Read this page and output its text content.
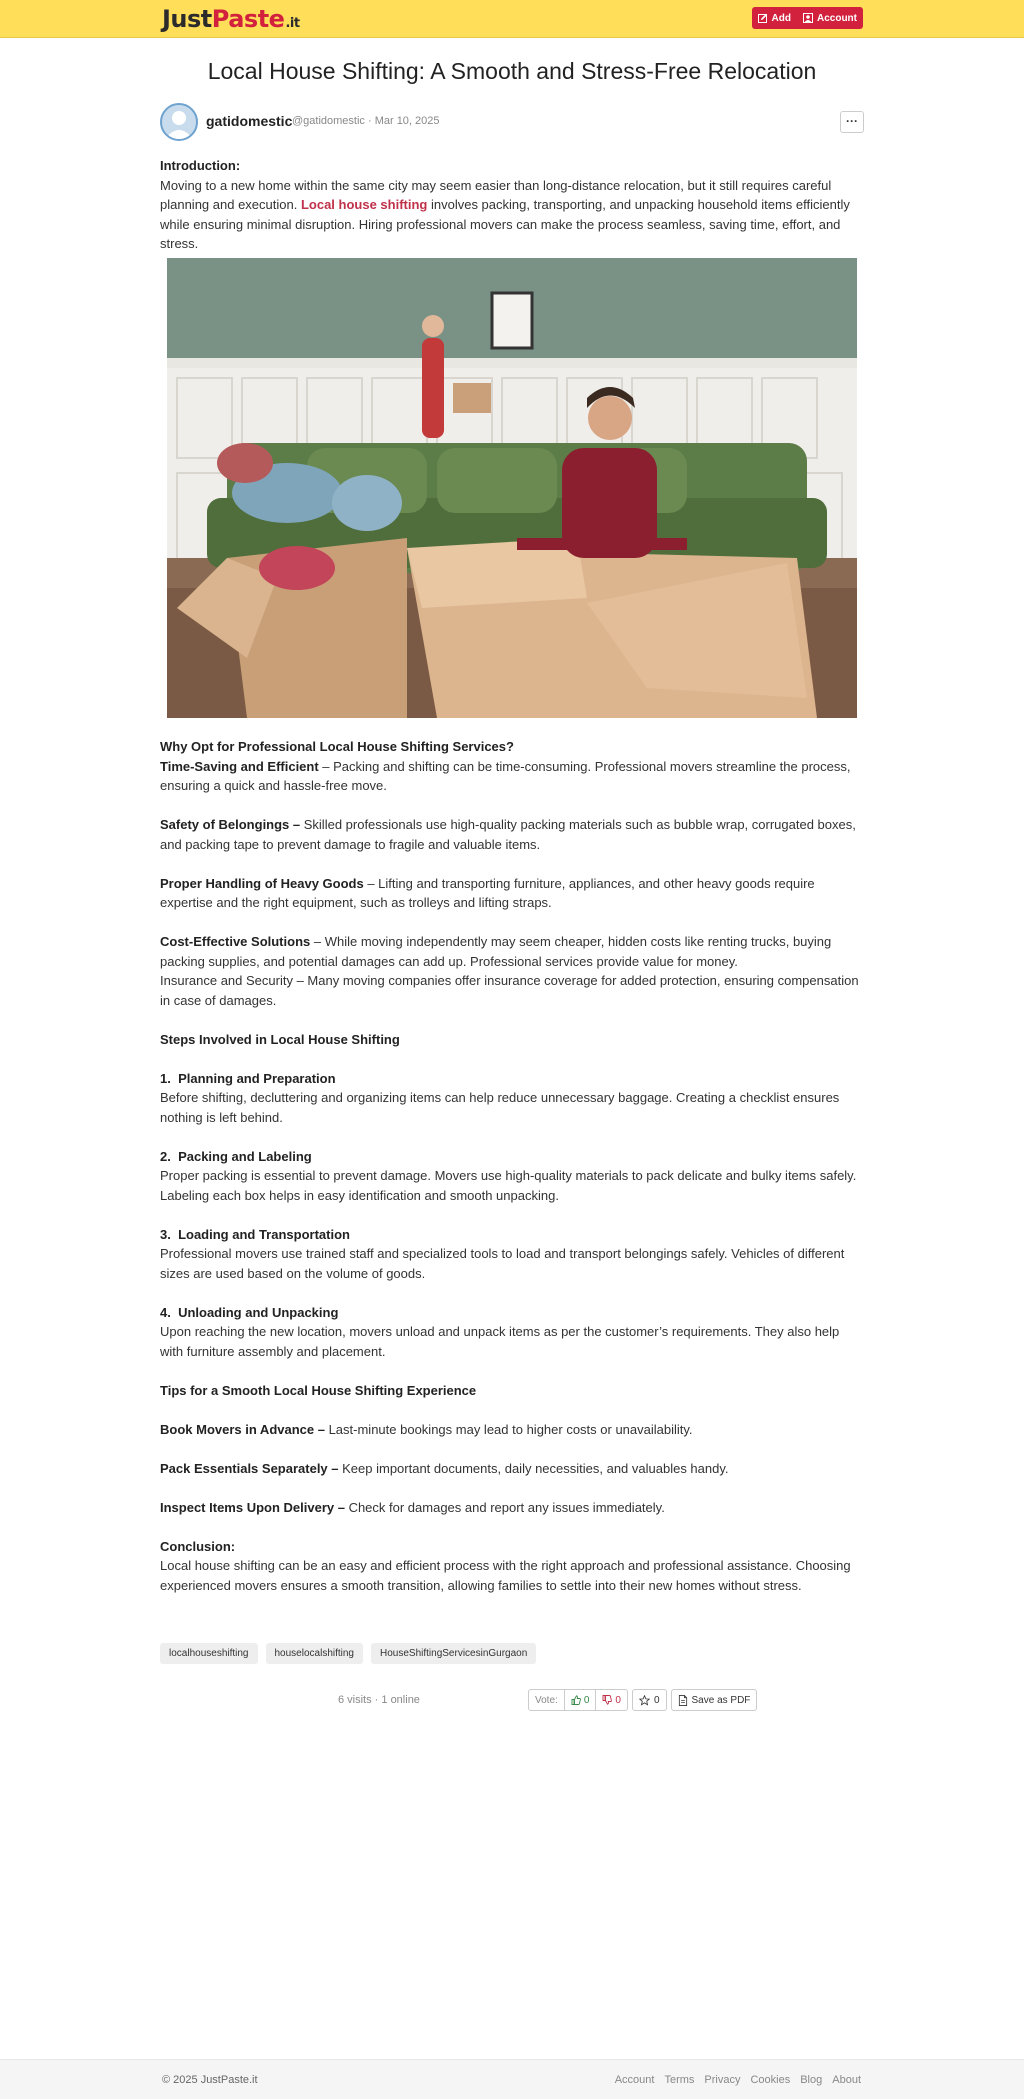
JustPaste.it	Add	Account
Local House Shifting: A Smooth and Stress-Free Relocation
gatidomestic @gatidomestic · Mar 10, 2025	···
Introduction:
Moving to a new home within the same city may seem easier than long-distance relocation, but it still requires careful planning and execution. Local house shifting involves packing, transporting, and unpacking household items efficiently while ensuring minimal disruption. Hiring professional movers can make the process seamless, saving time, effort, and stress.
Why Opt for Professional Local House Shifting Services?
Time-Saving and Efficient – Packing and shifting can be time-consuming. Professional movers streamline the process, ensuring a quick and hassle-free move.
Safety of Belongings – Skilled professionals use high-quality packing materials such as bubble wrap, corrugated boxes, and packing tape to prevent damage to fragile and valuable items.
Proper Handling of Heavy Goods – Lifting and transporting furniture, appliances, and other heavy goods require expertise and the right equipment, such as trolleys and lifting straps.
Cost-Effective Solutions – While moving independently may seem cheaper, hidden costs like renting trucks, buying packing supplies, and potential damages can add up. Professional services provide value for money.
Insurance and Security – Many moving companies offer insurance coverage for added protection, ensuring compensation in case of damages.
Steps Involved in Local House Shifting
1.  Planning and Preparation
Before shifting, decluttering and organizing items can help reduce unnecessary baggage. Creating a checklist ensures nothing is left behind.
2.  Packing and Labeling
Proper packing is essential to prevent damage. Movers use high-quality materials to pack delicate and bulky items safely. Labeling each box helps in easy identification and smooth unpacking.
3.  Loading and Transportation
Professional movers use trained staff and specialized tools to load and transport belongings safely. Vehicles of different sizes are used based on the volume of goods.
4.  Unloading and Unpacking
Upon reaching the new location, movers unload and unpack items as per the customer’s requirements. They also help with furniture assembly and placement.
Tips for a Smooth Local House Shifting Experience
Book Movers in Advance – Last-minute bookings may lead to higher costs or unavailability.
Pack Essentials Separately – Keep important documents, daily necessities, and valuables handy.
Inspect Items Upon Delivery – Check for damages and report any issues immediately.
Conclusion:
Local house shifting can be an easy and efficient process with the right approach and professional assistance. Choosing experienced movers ensures a smooth transition, allowing families to settle into their new homes without stress.
localhouseshifting	houselocalshifting	HouseShiftingServicesinGurgaon
6 visits · 1 online	Vote:	0	0	0	Save as PDF
© 2025 JustPaste.it	Account Terms Privacy Cookies Blog About
